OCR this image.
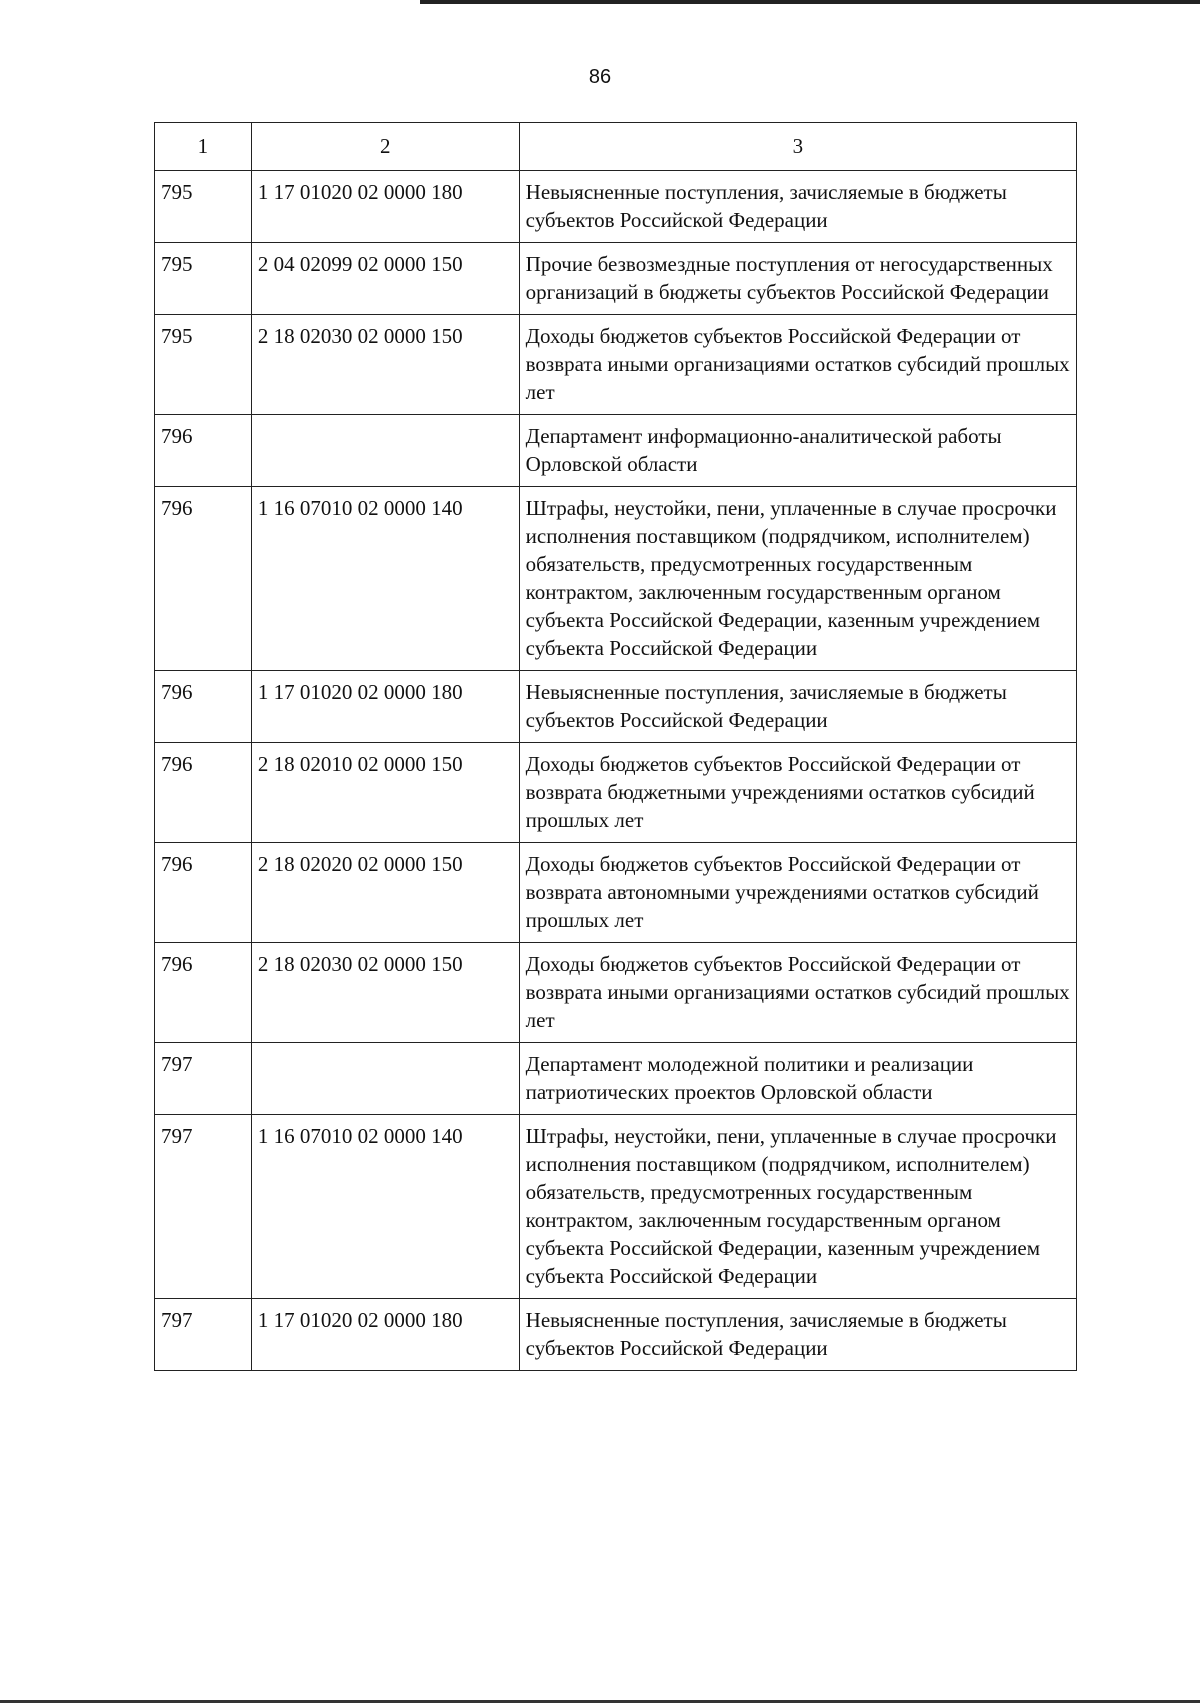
86
1	2	3
795	1 17 01020 02 0000 180	Невыясненные поступления, зачисляемые в бюджеты субъектов Российской Федерации
795	2 04 02099 02 0000 150	Прочие безвозмездные поступления от негосударственных организаций в бюджеты субъектов Российской Федерации
795	2 18 02030 02 0000 150	Доходы бюджетов субъектов Российской Федерации от возврата иными организациями остатков субсидий прошлых лет
796		Департамент информационно-аналитической работы Орловской области
796	1 16 07010 02 0000 140	Штрафы, неустойки, пени, уплаченные в случае просрочки исполнения поставщиком (подрядчиком, исполнителем) обязательств, предусмотренных государственным контрактом, заключенным государственным органом субъекта Российской Федерации, казенным учреждением субъекта Российской Федерации
796	1 17 01020 02 0000 180	Невыясненные поступления, зачисляемые в бюджеты субъектов Российской Федерации
796	2 18 02010 02 0000 150	Доходы бюджетов субъектов Российской Федерации от возврата бюджетными учреждениями остатков субсидий прошлых лет
796	2 18 02020 02 0000 150	Доходы бюджетов субъектов Российской Федерации от возврата автономными учреждениями остатков субсидий прошлых лет
796	2 18 02030 02 0000 150	Доходы бюджетов субъектов Российской Федерации от возврата иными организациями остатков субсидий прошлых лет
797		Департамент молодежной политики и реализации патриотических проектов Орловской области
797	1 16 07010 02 0000 140	Штрафы, неустойки, пени, уплаченные в случае просрочки исполнения поставщиком (подрядчиком, исполнителем) обязательств, предусмотренных государственным контрактом, заключенным государственным органом субъекта Российской Федерации, казенным учреждением субъекта Российской Федерации
797	1 17 01020 02 0000 180	Невыясненные поступления, зачисляемые в бюджеты субъектов Российской Федерации
